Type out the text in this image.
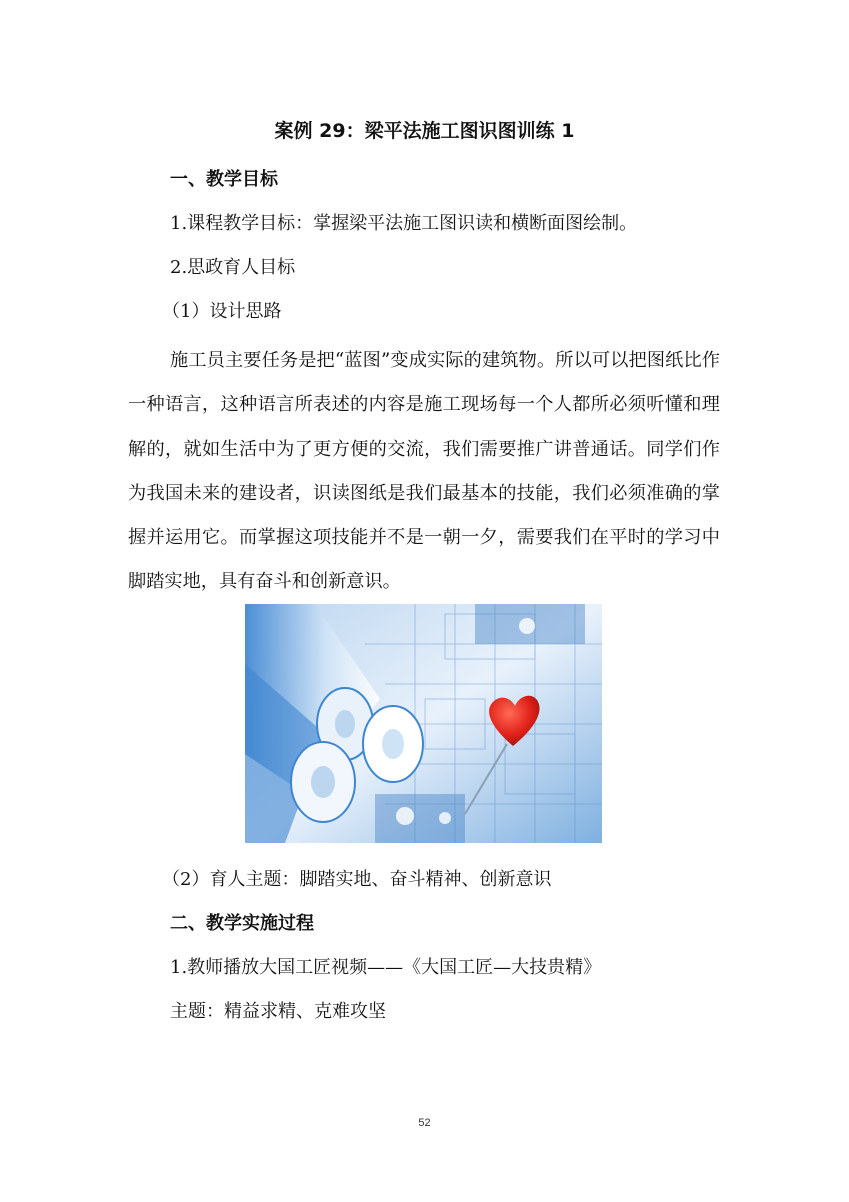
案例 29：梁平法施工图识图训练 1
一、教学目标
1.课程教学目标：掌握梁平法施工图识读和横断面图绘制。
2.思政育人目标
（1）设计思路
施工员主要任务是把“蓝图”变成实际的建筑物。所以可以把图纸比作一种语言，这种语言所表述的内容是施工现场每一个人都所必须听懂和理解的，就如生活中为了更方便的交流，我们需要推广讲普通话。同学们作为我国未来的建设者，识读图纸是我们最基本的技能，我们必须准确的掌握并运用它。而掌握这项技能并不是一朝一夕，需要我们在平时的学习中脚踏实地，具有奋斗和创新意识。
（2）育人主题：脚踏实地、奋斗精神、创新意识
二、教学实施过程
1.教师播放大国工匠视频——《大国工匠—大技贵精》
主题：精益求精、克难攻坚
52
